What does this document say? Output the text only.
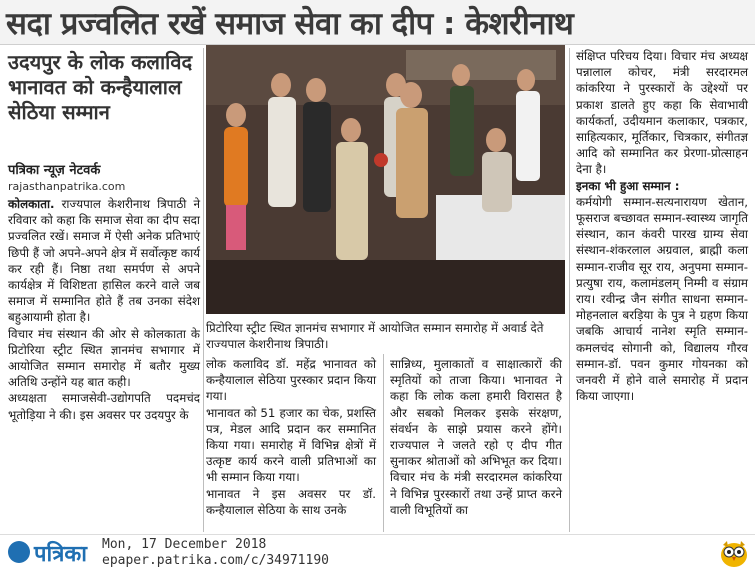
सदा प्रज्वलित रखें समाज सेवा का दीप : केशरीनाथ
उदयपुर के लोक कलाविद भानावत को कन्हैयालाल सेठिया सम्मान
पत्रिका न्यूज़ नेटवर्क
rajasthanpatrika.com

कोलकाता. राज्यपाल केशरीनाथ त्रिपाठी ने रविवार को कहा कि समाज सेवा का दीप सदा प्रज्वलित रखें। समाज में ऐसी अनेक प्रतिभाएं छिपी हैं जो अपने-अपने क्षेत्र में सर्वोत्कृष्ट कार्य कर रही हैं। निष्ठा तथा समर्पण से अपने कार्यक्षेत्र में विशिष्टता हासिल करने वाले जब समाज में सम्मानित होते हैं तब उनका संदेश बहुआयामी होता है।

विचार मंच संस्थान की ओर से कोलकाता के प्रिटोरिया स्ट्रीट स्थित ज्ञानमंच सभागार में आयोजित सम्मान समारोह में बतौर मुख्य अतिथि उन्होंने यह बात कही।

अध्यक्षता समाजसेवी-उद्योगपति पदमचंद भूतोड़िया ने की। इस अवसर पर उदयपुर के

प्रिटोरिया स्ट्रीट स्थित ज्ञानमंच सभागार में आयोजित सम्मान समारोह में अवार्ड देते राज्यपाल केशरीनाथ त्रिपाठी।

लोक कलाविद डॉ. महेंद्र भानावत को कन्हैयालाल सेठिया पुरस्कार प्रदान किया गया।

भानावत को 51 हजार का चेक, प्रशस्ति पत्र, मेडल आदि प्रदान कर सम्मानित किया गया। समारोह में विभिन्न क्षेत्रों में उत्कृष्ट कार्य करने वाली प्रतिभाओं का भी सम्मान किया गया।

भानावत ने इस अवसर पर डॉ. कन्हैयालाल सेठिया के साथ उनके

सान्निध्य, मुलाकातों व साक्षात्कारों की स्मृतियों को ताजा किया। भानावत ने कहा कि लोक कला हमारी विरासत है और सबको मिलकर इसके संरक्षण, संवर्धन के साझे प्रयास करने होंगे। राज्यपाल ने जलते रहो ए दीप गीत सुनाकर श्रोताओं को अभिभूत कर दिया। विचार मंच के मंत्री सरदारमल कांकरिया ने विभिन्न पुरस्कारों तथा उन्हें प्राप्त करने वाली विभूतियों का

संक्षिप्त परिचय दिया। विचार मंच अध्यक्ष पन्नालाल कोचर, मंत्री सरदारमल कांकरिया ने पुरस्कारों के उद्देश्यों पर प्रकाश डालते हुए कहा कि सेवाभावी कार्यकर्ता, उदीयमान कलाकार, पत्रकार, साहित्यकार, मूर्तिकार, चित्रकार, संगीतज्ञ आदि को सम्मानित कर प्रेरणा-प्रोत्साहन देना है।

इनका भी हुआ सम्मान :

कर्मयोगी सम्मान-सत्यनारायण खेतान, फूसराज बच्छावत सम्मान-स्वास्थ्य जागृति संस्थान, कान कंवरी पारख ग्राम्य सेवा संस्थान-शंकरलाल अग्रवाल, ब्राह्मी कला सम्मान-राजीव सूर राय, अनुपमा सम्मान-प्रत्युषा राय, कलामंडलम् निम्मी व संग्राम राय। रवीन्द्र जैन संगीत साधना सम्मान-मोहनलाल बरड़िया के पुत्र ने ग्रहण किया जबकि आचार्य नानेश स्मृति सम्मान-कमलचंद सोगानी को, विद्यालय गौरव सम्मान-डॉ. पवन कुमार गोयनका को जनवरी में होने वाले समारोह में प्रदान किया जाएगा।

पत्रिका Mon, 17 December 2018
epaper.patrika.com/c/34971190
